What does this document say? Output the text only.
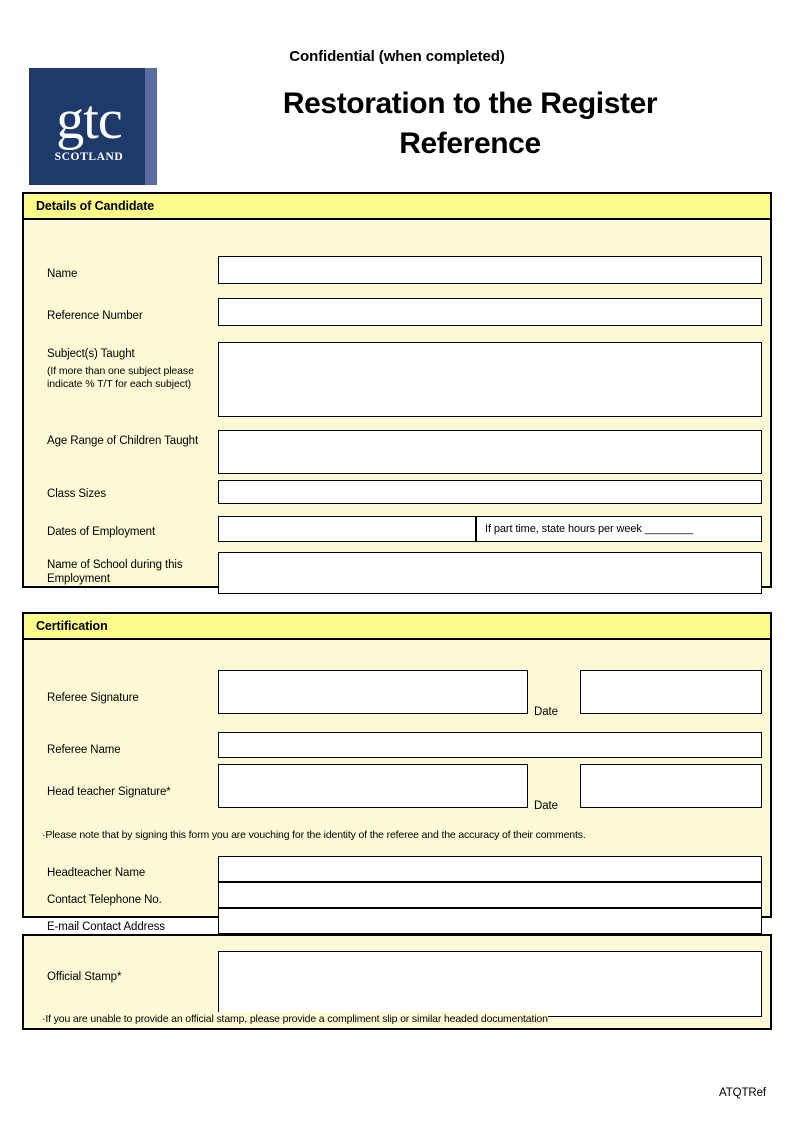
Confidential (when completed)
gtc
SCOTLAND
Restoration to the Register
Reference
Details of Candidate
Name
Reference Number
Subject(s) Taught
(If more than one subject please indicate % T/T for each subject)
Age Range of Children Taught
Class Sizes
Dates of Employment	If part time, state hours per week ________
Name of School during this Employment
Certification
Referee Signature
Date
Referee Name
Head teacher Signature*
Date
·Please note that by signing this form you are vouching for the identity of the referee and the accuracy of their comments.
Headteacher Name
Contact Telephone No.
E-mail Contact Address
Official Stamp*
·If you are unable to provide an official stamp, please provide a compliment slip or similar headed documentation
ATQTRef
